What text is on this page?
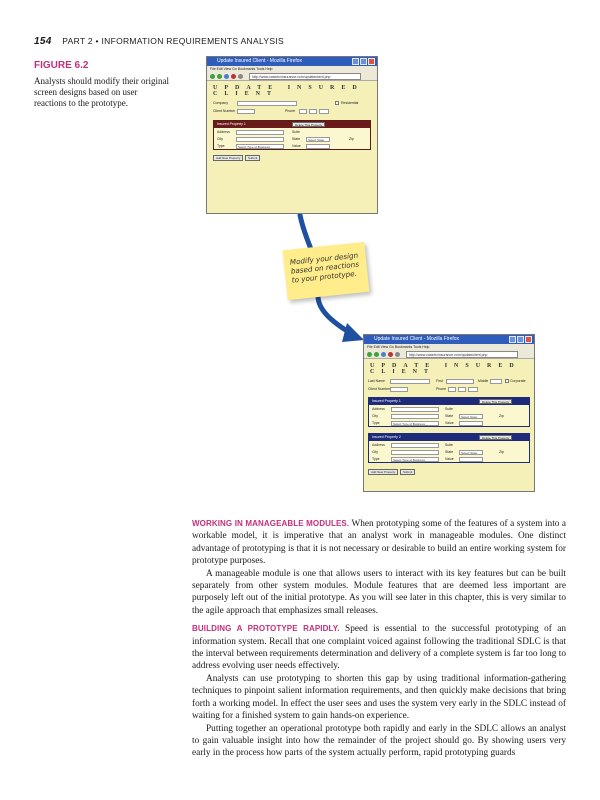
154 PART 2 • INFORMATION REQUIREMENTS ANALYSIS
FIGURE 6.2
Analysts should modify their original screen designs based on user reactions to the prototype.
Update Insured Client - Mozilla Firefox
File Edit View Go Bookmarks Tools Help
http://www.casinhcinsurance.com/updateclient.php
UPDATE INSURED CLIENT
Company	Residential
Client Number	Phone
Insured Property 1	Delete This Property
Address	Suite
City	State	Select State	Zip
Type	Select Type of Business	Value
Add New Property	Submit
Modify your design based on reactions to your prototype.
Update Insured Client - Mozilla Firefox
File Edit View Go Bookmarks Tools Help
http://www.casinhcinsurance.com/updateclient.php
UPDATE INSURED CLIENT
Last Name	First	Middle	Corporate
Client Number	Phone
Insured Property 1	Delete This Property
Address	Suite
City	State	Select State	Zip
Type	Select Type of Business	Value
Insured Property 2	Delete This Property
Address	Suite
City	State	Select State	Zip
Type	Select Type of Business	Value
Add New Property	Submit

WORKING IN MANAGEABLE MODULES. When prototyping some of the features of a system into a workable model, it is imperative that an analyst work in manageable modules. One distinct advantage of prototyping is that it is not necessary or desirable to build an entire working system for prototype purposes.

A manageable module is one that allows users to interact with its key features but can be built separately from other system modules. Module features that are deemed less important are purposely left out of the initial prototype. As you will see later in this chapter, this is very similar to the agile approach that emphasizes small releases.

BUILDING A PROTOTYPE RAPIDLY. Speed is essential to the successful prototyping of an information system. Recall that one complaint voiced against following the traditional SDLC is that the interval between requirements determination and delivery of a complete system is far too long to address evolving user needs effectively.

Analysts can use prototyping to shorten this gap by using traditional information-gathering techniques to pinpoint salient information requirements, and then quickly make decisions that bring forth a working model. In effect the user sees and uses the system very early in the SDLC instead of waiting for a finished system to gain hands-on experience.

Putting together an operational prototype both rapidly and early in the SDLC allows an analyst to gain valuable insight into how the remainder of the project should go. By showing users very early in the process how parts of the system actually perform, rapid prototyping guards
